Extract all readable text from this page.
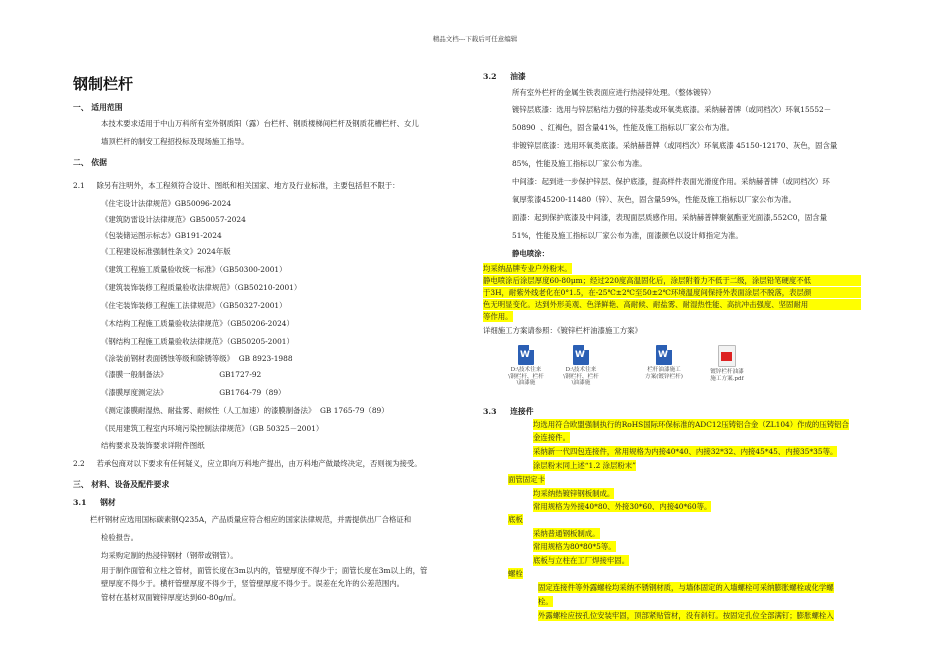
精品文档---下载后可任意编辑
钢制栏杆
一、 适用范围
本技术要求适用于中山万科所有室外钢质阳（露）台栏杆、钢质楼梯间栏杆及钢质花槽栏杆、女儿
墙顶栏杆的制安工程招投标及现场施工指导。
二、 依据
2.1     除另有注明外，本工程须符合设计、图纸和相关国家、地方及行业标准，主要包括但不限于：
《住宅设计法律规范》GB50096-2024
《建筑防雷设计法律规范》GB50057-2024
《包装储运图示标志》GB191-2024
《工程建设标准强制性条文》2024年版
《建筑工程施工质量验收统一标准》（GB50300-2001）
《建筑装饰装修工程质量验收法律规范》（GB50210-2001）
《住宅装饰装修工程施工法律规范》（GB50327-2001）
《木结构工程施工质量验收法律规范》（GB50206-2024）
《钢结构工程施工质量验收法律规范》（GB50205-2001）
《涂装前钢材表面锈蚀等级和除锈等级》  GB 8923-1988
《漆膜一般制备法》                      GB1727-92
《漆膜厚度测定法》                      GB1764-79（89）
《测定漆膜耐湿热、耐盐雾、耐候性（人工加速）的漆膜制备法》  GB 1765-79（89）
《民用建筑工程室内环境污染控制法律规范》（GB 50325－2001）
结构要求及装饰要求详附件图纸
2.2     若承包商对以下要求有任何疑义，应立即向万科地产提出，由万科地产做最终决定，否则视为接受。
三、 材料、设备及配件要求
3.1     钢材
栏杆钢材应选用国标碳素钢Q235A，产品质量应符合相应的国家法律规范，并需提供出厂合格证和
检验报告。
均采购定制的热浸锌钢材（钢带或钢管）。
用于制作面管和立柱之管材，面管长度在3m以内的，管壁厚度不得少于；面管长度在3m以上的，管
壁厚度不得少于。横杆管壁厚度不得少于，竖管壁厚度不得少于。误差在允许的公差范围内。
管材在基材双面镀锌厚度达到60-80g/㎡。
3.2     油漆
所有室外栏杆的金属生铁表面应进行热浸锌处理。（整体镀锌）
镀锌层底漆：选用与锌层粘结力强的锌基类或环氧类底漆。采纳赫普牌（或同档次）环氧15552－
50890  、红褐色，固含量41%，性能及施工指标以厂家公布为准。
非镀锌层底漆：选用环氧类底漆。采纳赫普牌（或同档次）环氧底漆 45150-12170、灰色，固含量
85%，性能及施工指标以厂家公布为准。
中间漆：起到进一步保护锌层、保护底漆，提高样件表面光滑度作用。采纳赫普牌（或同档次）环
氧厚浆漆45200-11480（锌）、灰色，固含量59%，性能及施工指标以厂家公布为准。
面漆：起到保护底漆及中间漆，表现面层质感作用。采纳赫普牌聚氨酯亚光面漆,552C0，固含量
51%，性能及施工指标以厂家公布为准，面漆颜色以设计师指定为准。
静电喷涂：
均采纳品牌专业户外粉末。
静电喷涂后涂层厚度60-80μm；经过220度高温固化后，涂层附着力不低于二级，涂层铅笔硬度不低
于3H，耐紫外线老化在0°1.5，在-25℃±2℃至50±2℃环境温度间保持外表面涂层不脱落，表层颜
色无明显变化。达到外形美观、色泽鲜艳、高耐候、耐盐雾、耐湿热性能、高抗冲击强度、坚固耐用
等作用。
详细施工方案请参照：《镀锌栏杆油漆施工方案》
W
D:\技术往来\钢栏杆、栏杆\油漆施
W
D:\技术往来\钢栏杆、栏杆\油漆施
W
栏杆油漆施工方案(镀锌栏杆)
镀锌栏杆油漆施工方案.pdf
3.3     连接件
均选用符合欧盟强制执行的RoHS国际环保标准的ADC12压铸铝合金（ZL104）作成的压铸铝合
金连接件。
采纳新一代四包连接件，常用规格为内接40*40、内接32*32、内接45*45、内接35*35等。
涂层粉末同上述“1.2 涂层粉末”
面管固定卡
均采纳热镀锌钢板制成。
常用规格为外接40*80、外接30*60、内接40*60等。
底板
采纳普通钢板制成。
常用规格为80*80*5等。
底板与立柱在工厂焊接牢固。
螺栓
固定连接件等外露螺栓均采纳不锈钢材质，与墙体固定的入墙螺栓可采纳膨胀螺栓或化学螺
栓。
外露螺栓应按孔位安装牢固，顶部紧贴管材，没有斜钉。按固定孔位全部满钉；膨胀螺栓入
